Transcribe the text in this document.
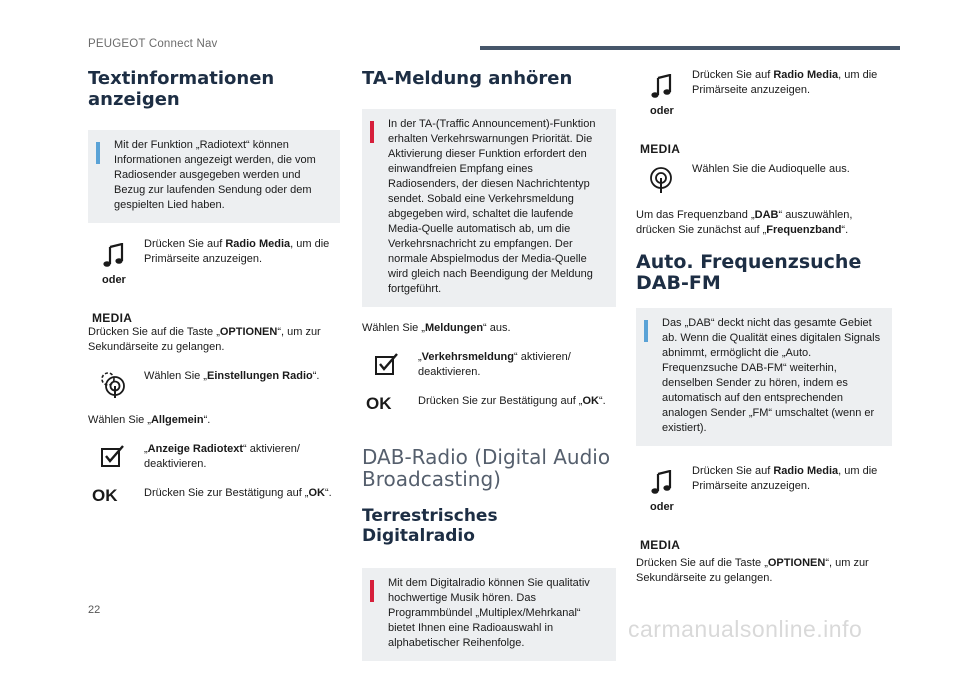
PEUGEOT Connect Nav
Textinformationen anzeigen
Mit der Funktion „Radiotext“ können Informationen angezeigt werden, die vom Radiosender ausgegeben werden und Bezug zur laufenden Sendung oder dem gespielten Lied haben.
oder
MEDIA
Drücken Sie auf Radio Media, um die Primärseite anzuzeigen.
Drücken Sie auf die Taste „OPTIONEN“, um zur Sekundärseite zu gelangen.
Wählen Sie „Einstellungen Radio“.
Wählen Sie „Allgemein“.
„Anzeige Radiotext“ aktivieren/ deaktivieren.
OK Drücken Sie zur Bestätigung auf „OK“.
TA-Meldung anhören
In der TA-(Traffic Announcement)-Funktion erhalten Verkehrswarnungen Priorität. Die Aktivierung dieser Funktion erfordert den einwandfreien Empfang eines Radiosenders, der diesen Nachrichtentyp sendet. Sobald eine Verkehrsmeldung abgegeben wird, schaltet die laufende Media-Quelle automatisch ab, um die Verkehrsnachricht zu empfangen. Der normale Abspielmodus der Media-Quelle wird gleich nach Beendigung der Meldung fortgeführt.
Wählen Sie „Meldungen“ aus.
„Verkehrsmeldung“ aktivieren/ deaktivieren.
OK Drücken Sie zur Bestätigung auf „OK“.
DAB-Radio (Digital Audio Broadcasting)
Terrestrisches Digitalradio
Mit dem Digitalradio können Sie qualitativ hochwertige Musik hören. Das Programmbündel „Multiplex/Mehrkanal“ bietet Ihnen eine Radioauswahl in alphabetischer Reihenfolge.
oder
MEDIA
Drücken Sie auf Radio Media, um die Primärseite anzuzeigen.
Wählen Sie die Audioquelle aus.
Um das Frequenzband „DAB“ auszuwählen, drücken Sie zunächst auf „Frequenzband“.
Auto. Frequenzsuche DAB-FM
Das „DAB“ deckt nicht das gesamte Gebiet ab. Wenn die Qualität eines digitalen Signals abnimmt, ermöglicht die „Auto. Frequenzsuche DAB-FM“ weiterhin, denselben Sender zu hören, indem es automatisch auf den entsprechenden analogen Sender „FM“ umschaltet (wenn er existiert).
oder
MEDIA
Drücken Sie auf Radio Media, um die Primärseite anzuzeigen.
Drücken Sie auf die Taste „OPTIONEN“, um zur Sekundärseite zu gelangen.
22
carmanualsonline.info
